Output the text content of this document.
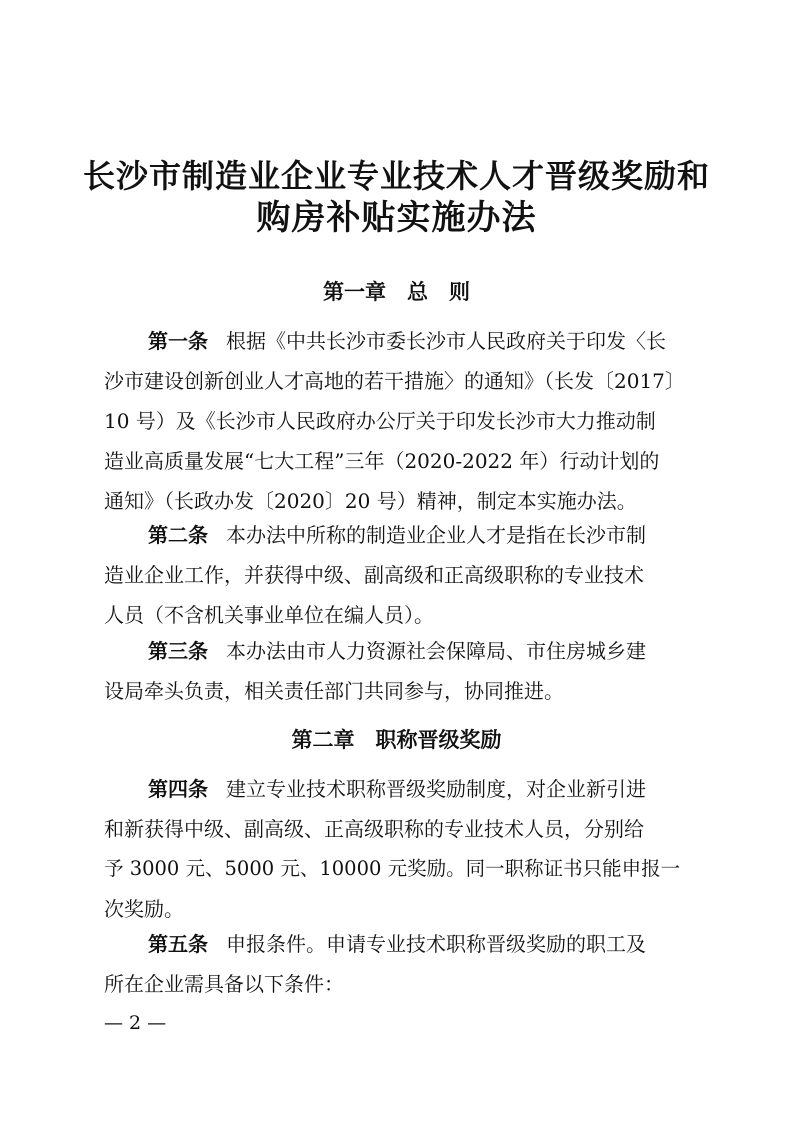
长沙市制造业企业专业技术人才晋级奖励和
购房补贴实施办法
第一章　总　则
第一条 根据《中共长沙市委长沙市人民政府关于印发〈长
沙市建设创新创业人才高地的若干措施〉的通知》（长发〔2017〕
10 号）及《长沙市人民政府办公厅关于印发长沙市大力推动制
造业高质量发展“七大工程”三年（2020-2022 年）行动计划的
通知》（长政办发〔2020〕20 号）精神，制定本实施办法。
第二条 本办法中所称的制造业企业人才是指在长沙市制
造业企业工作，并获得中级、副高级和正高级职称的专业技术
人员（不含机关事业单位在编人员）。
第三条 本办法由市人力资源社会保障局、市住房城乡建
设局牵头负责，相关责任部门共同参与，协同推进。
第二章　职称晋级奖励
第四条 建立专业技术职称晋级奖励制度，对企业新引进
和新获得中级、副高级、正高级职称的专业技术人员，分别给
予 3000 元、5000 元、10000 元奖励。同一职称证书只能申报一
次奖励。
第五条 申报条件。申请专业技术职称晋级奖励的职工及
所在企业需具备以下条件：
— 2 —
